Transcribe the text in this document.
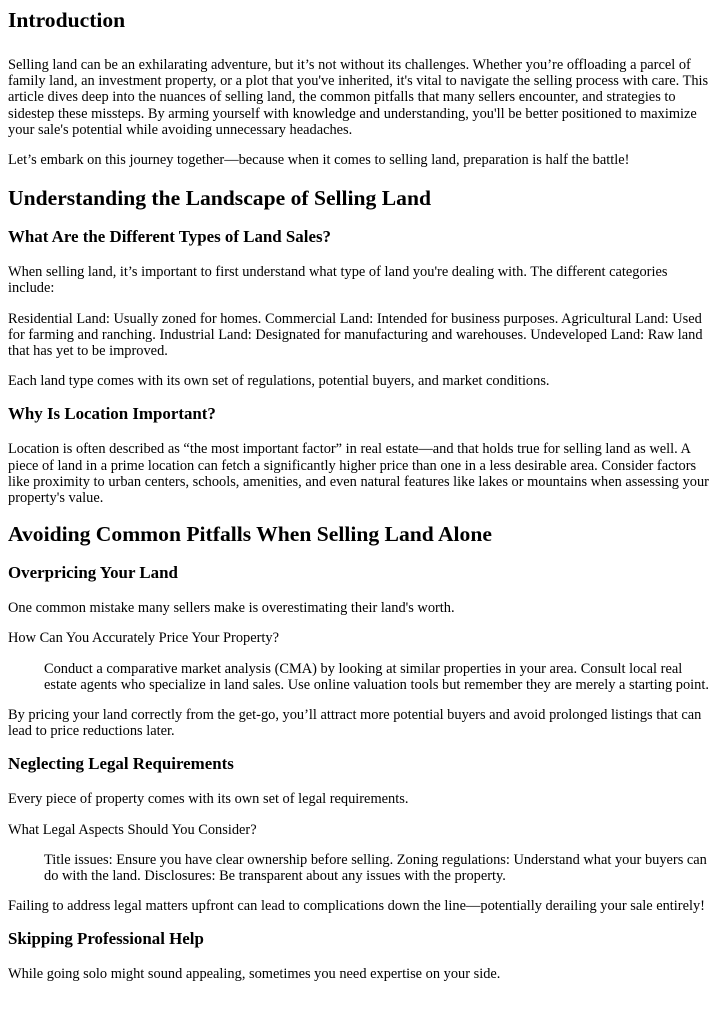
Introduction

Selling land can be an exhilarating adventure, but it’s not without its challenges. Whether you’re offloading a parcel of family land, an investment property, or a plot that you've inherited, it's vital to navigate the selling process with care. This article dives deep into the nuances of selling land, the common pitfalls that many sellers encounter, and strategies to sidestep these missteps. By arming yourself with knowledge and understanding, you'll be better positioned to maximize your sale's potential while avoiding unnecessary headaches.

Let’s embark on this journey together—because when it comes to selling land, preparation is half the battle!

Understanding the Landscape of Selling Land
What Are the Different Types of Land Sales?

When selling land, it’s important to first understand what type of land you're dealing with. The different categories include:

Residential Land: Usually zoned for homes. Commercial Land: Intended for business purposes. Agricultural Land: Used for farming and ranching. Industrial Land: Designated for manufacturing and warehouses. Undeveloped Land: Raw land that has yet to be improved.

Each land type comes with its own set of regulations, potential buyers, and market conditions.

Why Is Location Important?

Location is often described as “the most important factor” in real estate—and that holds true for selling land as well. A piece of land in a prime location can fetch a significantly higher price than one in a less desirable area. Consider factors like proximity to urban centers, schools, amenities, and even natural features like lakes or mountains when assessing your property's value.

Avoiding Common Pitfalls When Selling Land Alone
Overpricing Your Land

One common mistake many sellers make is overestimating their land's worth.

How Can You Accurately Price Your Property?

Conduct a comparative market analysis (CMA) by looking at similar properties in your area. Consult local real estate agents who specialize in land sales. Use online valuation tools but remember they are merely a starting point.

By pricing your land correctly from the get-go, you’ll attract more potential buyers and avoid prolonged listings that can lead to price reductions later.

Neglecting Legal Requirements

Every piece of property comes with its own set of legal requirements.

What Legal Aspects Should You Consider?

Title issues: Ensure you have clear ownership before selling. Zoning regulations: Understand what your buyers can do with the land. Disclosures: Be transparent about any issues with the property.

Failing to address legal matters upfront can lead to complications down the line—potentially derailing your sale entirely!

Skipping Professional Help

While going solo might sound appealing, sometimes you need expertise on your side.
